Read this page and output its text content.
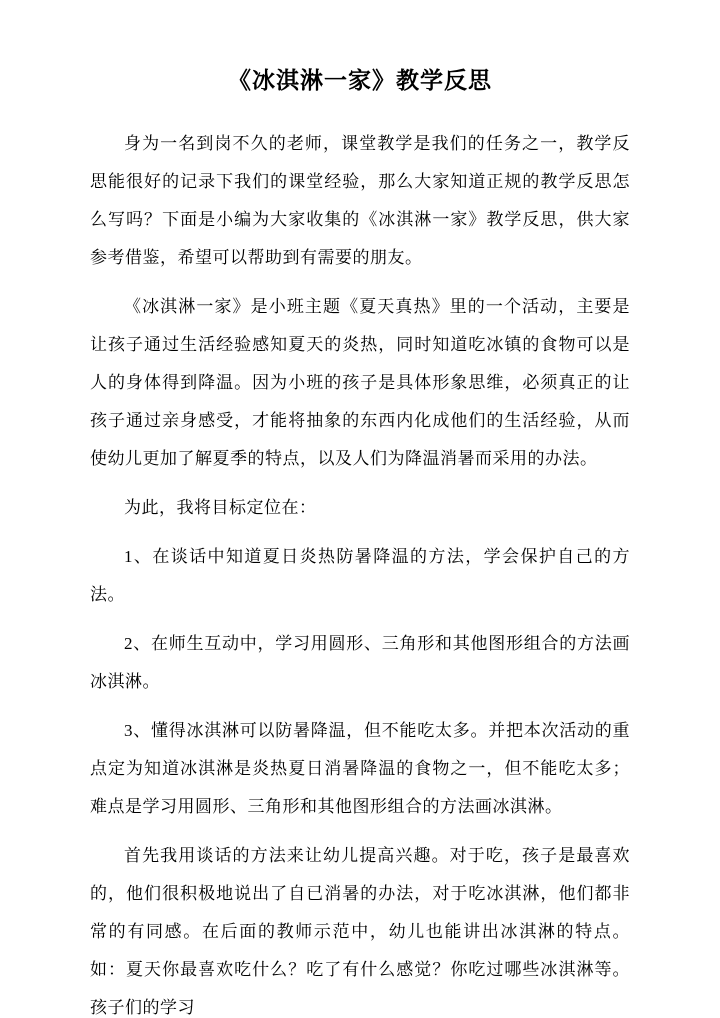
《冰淇淋一家》教学反思

身为一名到岗不久的老师，课堂教学是我们的任务之一，教学反思能很好的记录下我们的课堂经验，那么大家知道正规的教学反思怎么写吗？下面是小编为大家收集的《冰淇淋一家》教学反思，供大家参考借鉴，希望可以帮助到有需要的朋友。

《冰淇淋一家》是小班主题《夏天真热》里的一个活动，主要是让孩子通过生活经验感知夏天的炎热，同时知道吃冰镇的食物可以是人的身体得到降温。因为小班的孩子是具体形象思维，必须真正的让孩子通过亲身感受，才能将抽象的东西内化成他们的生活经验，从而使幼儿更加了解夏季的特点，以及人们为降温消暑而采用的办法。

为此，我将目标定位在：

1、在谈话中知道夏日炎热防暑降温的方法，学会保护自己的方法。

2、在师生互动中，学习用圆形、三角形和其他图形组合的方法画冰淇淋。

3、懂得冰淇淋可以防暑降温，但不能吃太多。并把本次活动的重点定为知道冰淇淋是炎热夏日消暑降温的食物之一，但不能吃太多；难点是学习用圆形、三角形和其他图形组合的方法画冰淇淋。

首先我用谈话的方法来让幼儿提高兴趣。对于吃，孩子是最喜欢的，他们很积极地说出了自已消暑的办法，对于吃冰淇淋，他们都非常的有同感。在后面的教师示范中，幼儿也能讲出冰淇淋的特点。如：夏天你最喜欢吃什么？吃了有什么感觉？你吃过哪些冰淇淋等。孩子们的学习
